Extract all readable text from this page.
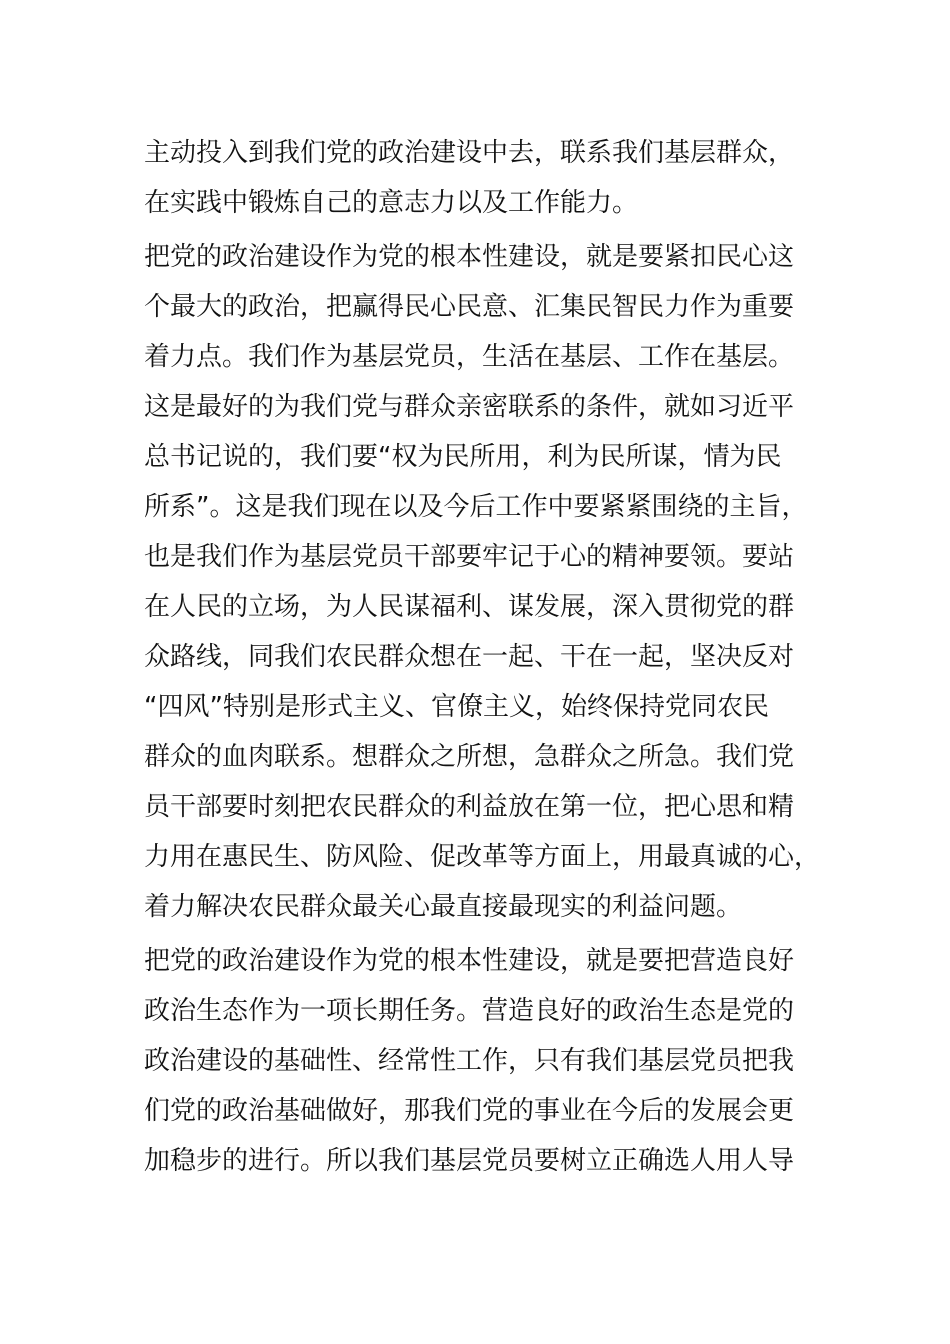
主动投入到我们党的政治建设中去，联系我们基层群众，
在实践中锻炼自己的意志力以及工作能力。
把党的政治建设作为党的根本性建设，就是要紧扣民心这
个最大的政治，把赢得民心民意、汇集民智民力作为重要
着力点。我们作为基层党员，生活在基层、工作在基层。
这是最好的为我们党与群众亲密联系的条件，就如习近平
总书记说的，我们要“权为民所用，利为民所谋，情为民
所系”。这是我们现在以及今后工作中要紧紧围绕的主旨，
也是我们作为基层党员干部要牢记于心的精神要领。要站
在人民的立场，为人民谋福利、谋发展，深入贯彻党的群
众路线，同我们农民群众想在一起、干在一起，坚决反对
“四风”特别是形式主义、官僚主义，始终保持党同农民
群众的血肉联系。想群众之所想，急群众之所急。我们党
员干部要时刻把农民群众的利益放在第一位，把心思和精
力用在惠民生、防风险、促改革等方面上，用最真诚的心，
着力解决农民群众最关心最直接最现实的利益问题。
把党的政治建设作为党的根本性建设，就是要把营造良好
政治生态作为一项长期任务。营造良好的政治生态是党的
政治建设的基础性、经常性工作，只有我们基层党员把我
们党的政治基础做好，那我们党的事业在今后的发展会更
加稳步的进行。所以我们基层党员要树立正确选人用人导
